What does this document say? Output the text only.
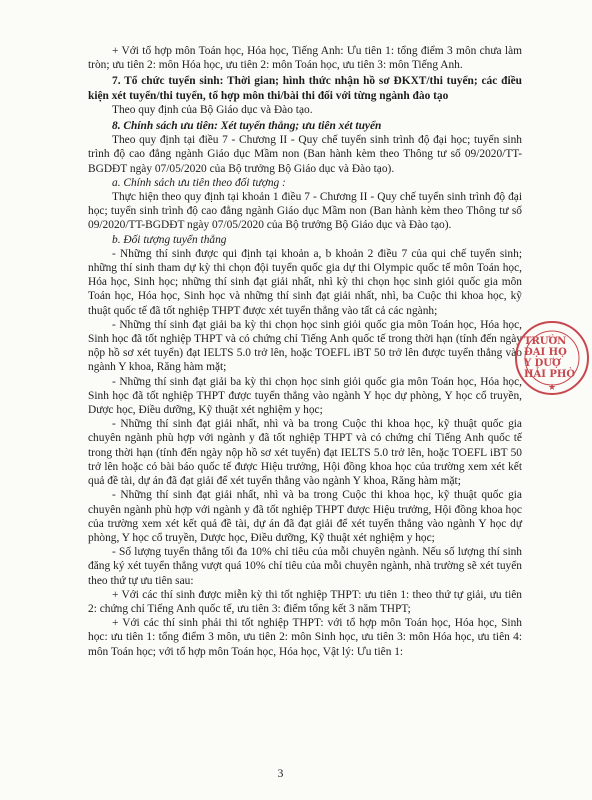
+ Với tổ hợp môn Toán học, Hóa học, Tiếng Anh: Ưu tiên 1: tổng điểm 3 môn chưa làm tròn; ưu tiên 2: môn Hóa học, ưu tiên 2: môn Toán học, ưu tiên 3: môn Tiếng Anh.

7. Tổ chức tuyển sinh: Thời gian; hình thức nhận hồ sơ ĐKXT/thi tuyển; các điều kiện xét tuyển/thi tuyển, tổ hợp môn thi/bài thi đối với từng ngành đào tạo

Theo quy định của Bộ Giáo dục và Đào tạo.

8. Chính sách ưu tiên: Xét tuyển thẳng; ưu tiên xét tuyển

Theo quy định tại điều 7 - Chương II - Quy chế tuyển sinh trình độ đại học; tuyển sinh trình độ cao đẳng ngành Giáo dục Mầm non (Ban hành kèm theo Thông tư số 09/2020/TT-BGDĐT ngày 07/05/2020 của Bộ trưởng Bộ Giáo dục và Đào tạo).

a. Chính sách ưu tiên theo đối tượng :

Thực hiện theo quy định tại khoản 1 điều 7 - Chương II - Quy chế tuyển sinh trình độ đại học; tuyển sinh trình độ cao đẳng ngành Giáo dục Mầm non (Ban hành kèm theo Thông tư số 09/2020/TT-BGDĐT ngày 07/05/2020 của Bộ trưởng Bộ Giáo dục và Đào tạo).

b. Đối tượng tuyển thẳng

- Những thí sinh được qui định tại khoản a, b khoản 2 điều 7 của qui chế tuyển sinh; những thí sinh tham dự kỳ thi chọn đội tuyển quốc gia dự thi Olympic quốc tế môn Toán học, Hóa học, Sinh học; những thí sinh đạt giải nhất, nhì kỳ thi chọn học sinh giỏi quốc gia môn Toán học, Hóa học, Sinh học và những thí sinh đạt giải nhất, nhì, ba Cuộc thi khoa học, kỹ thuật quốc tế đã tốt nghiệp THPT được xét tuyển thẳng vào tất cả các ngành;

- Những thí sinh đạt giải ba kỳ thi chọn học sinh giỏi quốc gia môn Toán học, Hóa học, Sinh học đã tốt nghiệp THPT và có chứng chỉ Tiếng Anh quốc tế trong thời hạn (tính đến ngày nộp hồ sơ xét tuyển) đạt IELTS 5.0 trở lên, hoặc TOEFL iBT 50 trở lên được tuyển thẳng vào ngành Y khoa, Răng hàm mặt;

- Những thí sinh đạt giải ba kỳ thi chọn học sinh giỏi quốc gia môn Toán học, Hóa học, Sinh học đã tốt nghiệp THPT được tuyển thẳng vào ngành Y học dự phòng, Y học cổ truyền, Dược học, Điều dưỡng, Kỹ thuật xét nghiệm y học;

- Những thí sinh đạt giải nhất, nhì và ba trong Cuộc thi khoa học, kỹ thuật quốc gia chuyên ngành phù hợp với ngành y đã tốt nghiệp THPT và có chứng chỉ Tiếng Anh quốc tế trong thời hạn (tính đến ngày nộp hồ sơ xét tuyển) đạt IELTS 5.0 trở lên, hoặc TOEFL iBT 50 trở lên hoặc có bài báo quốc tế được Hiệu trưởng, Hội đồng khoa học của trường xem xét kết quả đề tài, dự án đã đạt giải để xét tuyển thẳng vào ngành Y khoa, Răng hàm mặt;

- Những thí sinh đạt giải nhất, nhì và ba trong Cuộc thi khoa học, kỹ thuật quốc gia chuyên ngành phù hợp với ngành y đã tốt nghiệp THPT được Hiệu trưởng, Hội đồng khoa học của trường xem xét kết quả đề tài, dự án đã đạt giải để xét tuyển thẳng vào ngành Y học dự phòng, Y học cổ truyền, Dược học, Điều dưỡng, Kỹ thuật xét nghiệm y học;

- Số lượng tuyển thẳng tối đa 10% chỉ tiêu của mỗi chuyên ngành. Nếu số lượng thí sinh đăng ký xét tuyển thẳng vượt quá 10% chỉ tiêu của mỗi chuyên ngành, nhà trường sẽ xét tuyển theo thứ tự ưu tiên sau:

+ Với các thí sinh được miễn kỳ thi tốt nghiệp THPT: ưu tiên 1: theo thứ tự giải, ưu tiên 2: chứng chỉ Tiếng Anh quốc tế, ưu tiên 3: điểm tổng kết 3 năm THPT;

+ Với các thí sinh phải thi tốt nghiệp THPT: với tổ hợp môn Toán học, Hóa học, Sinh học: ưu tiên 1: tổng điểm 3 môn, ưu tiên 2: môn Sinh học, ưu tiên 3: môn Hóa học, ưu tiên 4: môn Toán học; với tổ hợp môn Toán học, Hóa học, Vật lý: Ưu tiên 1:

★
TRƯỜN
ĐẠI HỌ
Y DƯỢ
HẢI PHÒ
3
